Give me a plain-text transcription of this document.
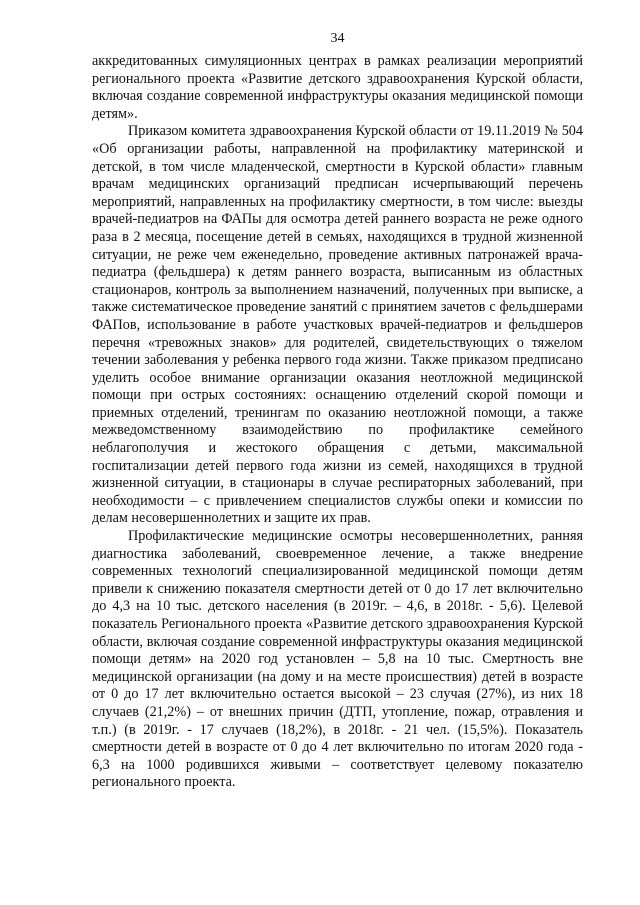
34

аккредитованных симуляционных центрах в рамках реализации мероприятий регионального проекта «Развитие детского здравоохранения Курской области, включая создание современной инфраструктуры оказания медицинской помощи детям».

Приказом комитета здравоохранения Курской области от 19.11.2019 № 504 «Об организации работы, направленной на профилактику материнской и детской, в том числе младенческой, смертности в Курской области» главным врачам медицинских организаций предписан исчерпывающий перечень мероприятий, направленных на профилактику смертности, в том числе: выезды врачей-педиатров на ФАПы для осмотра детей раннего возраста не реже одного раза в 2 месяца, посещение детей в семьях, находящихся в трудной жизненной ситуации, не реже чем еженедельно, проведение активных патронажей врача-педиатра (фельдшера) к детям раннего возраста, выписанным из областных стационаров, контроль за выполнением назначений, полученных при выписке, а также систематическое проведение занятий с принятием зачетов с фельдшерами ФАПов, использование в работе участковых врачей-педиатров и фельдшеров перечня «тревожных знаков» для родителей, свидетельствующих о тяжелом течении заболевания у ребенка первого года жизни. Также приказом предписано уделить особое внимание организации оказания неотложной медицинской помощи при острых состояниях: оснащению отделений скорой помощи и приемных отделений, тренингам по оказанию неотложной помощи, а также межведомственному взаимодействию по профилактике семейного неблагополучия и жестокого обращения с детьми, максимальной госпитализации детей первого года жизни из семей, находящихся в трудной жизненной ситуации, в стационары в случае респираторных заболеваний, при необходимости – с привлечением специалистов службы опеки и комиссии по делам несовершеннолетних и защите их прав.

Профилактические медицинские осмотры несовершеннолетних, ранняя диагностика заболеваний, своевременное лечение, а также внедрение современных технологий специализированной медицинской помощи детям привели к снижению показателя смертности детей от 0 до 17 лет включительно до 4,3 на 10 тыс. детского населения (в 2019г. – 4,6, в 2018г. - 5,6). Целевой показатель Регионального проекта «Развитие детского здравоохранения Курской области, включая создание современной инфраструктуры оказания медицинской помощи детям» на 2020 год установлен – 5,8 на 10 тыс. Смертность вне медицинской организации (на дому и на месте происшествия) детей в возрасте от 0 до 17 лет включительно остается высокой – 23 случая (27%), из них 18 случаев (21,2%) – от внешних причин (ДТП, утопление, пожар, отравления и т.п.) (в 2019г. - 17 случаев (18,2%), в 2018г. - 21 чел. (15,5%). Показатель смертности детей в возрасте от 0 до 4 лет включительно по итогам 2020 года - 6,3 на 1000 родившихся живыми – соответствует целевому показателю регионального проекта.
